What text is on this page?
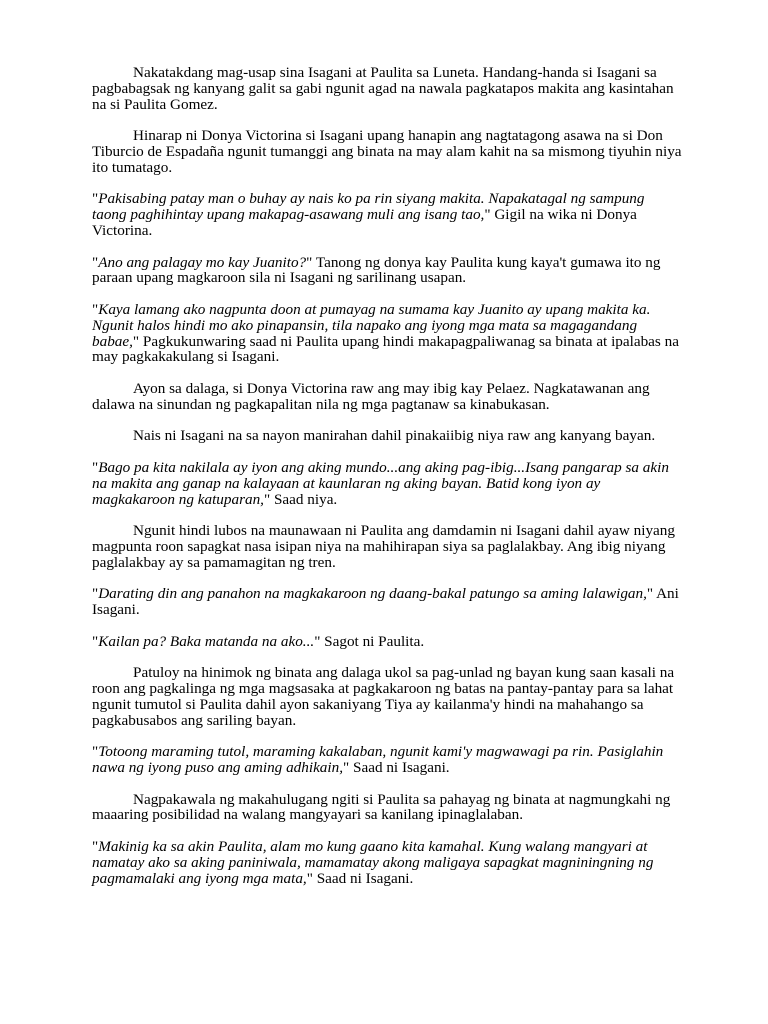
Nakatakdang mag-usap sina Isagani at Paulita sa Luneta. Handang-handa si Isagani sa pagbabagsak ng kanyang galit sa gabi ngunit agad na nawala pagkatapos makita ang kasintahan na si Paulita Gomez.

Hinarap ni Donya Victorina si Isagani upang hanapin ang nagtatagong asawa na si Don Tiburcio de Espadaña ngunit tumanggi ang binata na may alam kahit na sa mismong tiyuhin niya ito tumatago.

"Pakisabing patay man o buhay ay nais ko pa rin siyang makita. Napakatagal ng sampung taong paghihintay upang makapag-asawang muli ang isang tao," Gigil na wika ni Donya Victorina.

"Ano ang palagay mo kay Juanito?" Tanong ng donya kay Paulita kung kaya't gumawa ito ng paraan upang magkaroon sila ni Isagani ng sarilinang usapan.

"Kaya lamang ako nagpunta doon at pumayag na sumama kay Juanito ay upang makita ka. Ngunit halos hindi mo ako pinapansin, tila napako ang iyong mga mata sa magagandang babae," Pagkukunwaring saad ni Paulita upang hindi makapagpaliwanag sa binata at ipalabas na may pagkakakulang si Isagani.

Ayon sa dalaga, si Donya Victorina raw ang may ibig kay Pelaez. Nagkatawanan ang dalawa na sinundan ng pagkapalitan nila ng mga pagtanaw sa kinabukasan.

Nais ni Isagani na sa nayon manirahan dahil pinakaiibig niya raw ang kanyang bayan.

"Bago pa kita nakilala ay iyon ang aking mundo...ang aking pag-ibig...Isang pangarap sa akin na makita ang ganap na kalayaan at kaunlaran ng aking bayan. Batid kong iyon ay magkakaroon ng katuparan," Saad niya.

Ngunit hindi lubos na maunawaan ni Paulita ang damdamin ni Isagani dahil ayaw niyang magpunta roon sapagkat nasa isipan niya na mahihirapan siya sa paglalakbay. Ang ibig niyang paglalakbay ay sa pamamagitan ng tren.

"Darating din ang panahon na magkakaroon ng daang-bakal patungo sa aming lalawigan," Ani Isagani.

"Kailan pa? Baka matanda na ako..." Sagot ni Paulita.

Patuloy na hinimok ng binata ang dalaga ukol sa pag-unlad ng bayan kung saan kasali na roon ang pagkalinga ng mga magsasaka at pagkakaroon ng batas na pantay-pantay para sa lahat ngunit tumutol si Paulita dahil ayon sakaniyang Tiya ay kailanma'y hindi na mahahango sa pagkabusabos ang sariling bayan.

"Totoong maraming tutol, maraming kakalaban, ngunit kami'y magwawagi pa rin. Pasiglahin nawa ng iyong puso ang aming adhikain," Saad ni Isagani.

Nagpakawala ng makahulugang ngiti si Paulita sa pahayag ng binata at nagmungkahi ng maaaring posibilidad na walang mangyayari sa kanilang ipinaglalaban.

"Makinig ka sa akin Paulita, alam mo kung gaano kita kamahal. Kung walang mangyari at namatay ako sa aking paniniwala, mamamatay akong maligaya sapagkat magniningning ng pagmamalaki ang iyong mga mata," Saad ni Isagani.
